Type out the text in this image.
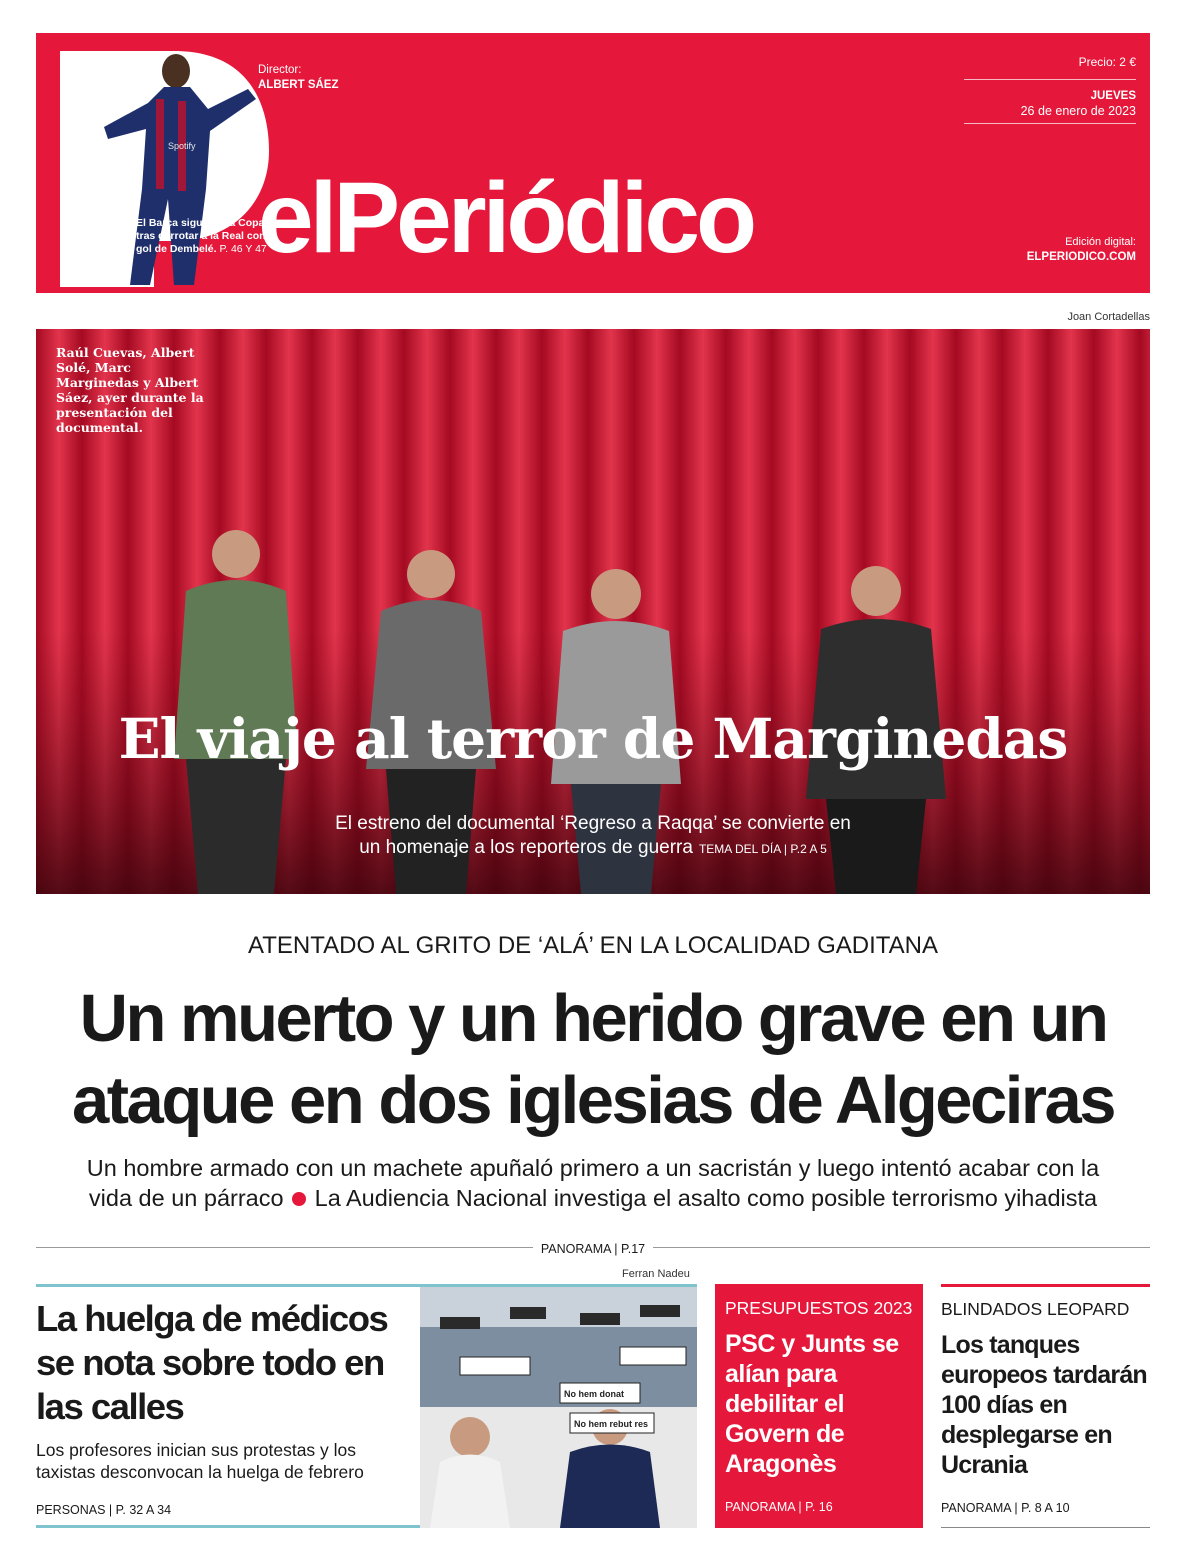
Spotify
El Barça sigue en la Copa tras derrotar a la Real con gol de Dembelé. P. 46 Y 47
Director:
ALBERT SÁEZ
elPeriódico
Precio: 2 €
JUEVES
26 de enero de 2023
Edición digital:
ELPERIODICO.COM
Joan Cortadellas
Raúl Cuevas, Albert Solé, Marc Marginedas y Albert Sáez, ayer durante la presentación del documental.
El viaje al terror de Marginedas
El estreno del documental ‘Regreso a Raqqa’ se convierte en
un homenaje a los reporteros de guerra TEMA DEL DÍA | P.2 A 5
ATENTADO AL GRITO DE ‘ALÁ’ EN LA LOCALIDAD GADITANA
Un muerto y un herido grave en un
ataque en dos iglesias de Algeciras
Un hombre armado con un machete apuñaló primero a un sacristán y luego intentó acabar con la
vida de un párraco La Audiencia Nacional investiga el asalto como posible terrorismo yihadista
PANORAMA | P.17
Ferran Nadeu
La huelga de médicos se nota sobre todo en las calles

Los profesores inician sus protestas y los taxistas desconvocan la huelga de febrero

PERSONAS | P. 32 A 34
No hem rebut res
No hem donat
PRESUPUESTOS 2023
PSC y Junts se alían para debilitar el Govern de Aragonès
PANORAMA | P. 16
BLINDADOS LEOPARD
Los tanques europeos tardarán 100 días en desplegarse en Ucrania
PANORAMA | P. 8 A 10
